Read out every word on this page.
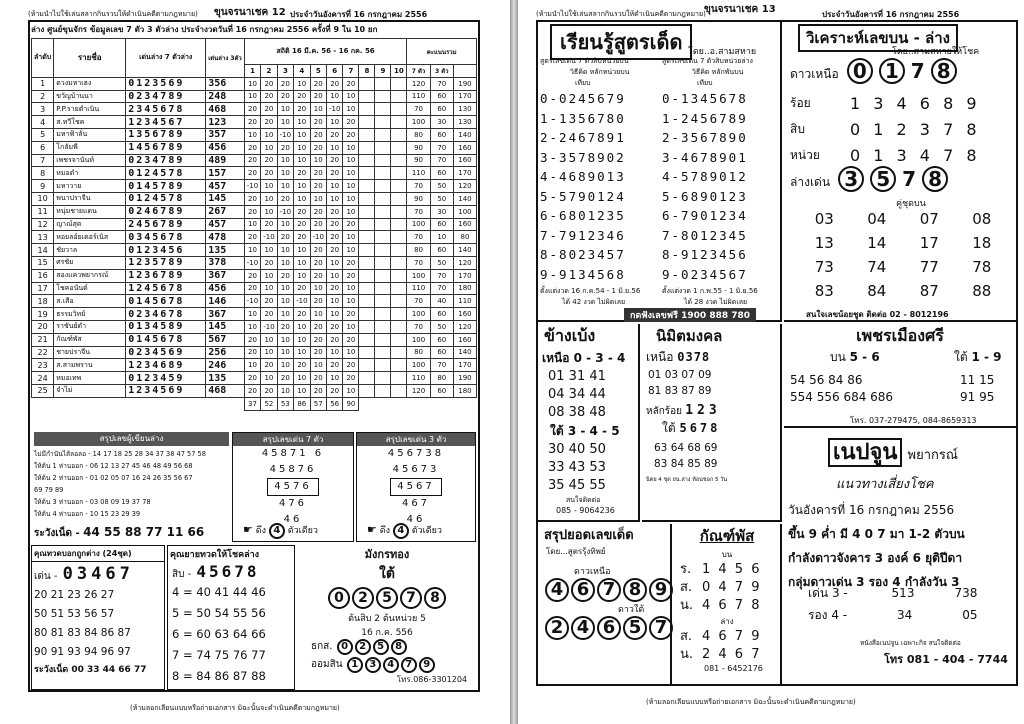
(ห้ามนำไปใช้เล่นสลากกินรวบให้ดำเนินคดีตามกฎหมาย) ขุนจรนาเชค 12 ประจำวันอังคารที่ 16 กรกฎาคม 2556
ล่าง ศูนย์ขุนจักร ข้อมูลเลข 7 ตัว 3 ตัวล่าง ประจำงวดวันที่ 16 กรกฎาคม 2556 ครั้งที่ 9 ใน 10 ยก
ลำดับ	รายชื่อ	เด่นล่าง 7 ตัวล่าง	เด่นล่าง 3ตัว	สถิติ 16 มี.ค. 56 - 16 กค. 56										คะแนนรวม		
				1	2	3	4	5	6	7	8	9	10	7 ตัว	3 ตัว	
1	ดวงมหาเฮง	0123569	356	10	20	20	10	20	20	20				120	70	190
2	ขวัญบ้านนา	0234789	248	10	20	20	20	20	10	10				110	60	170
3	P.P.รายตำเนิน	2345678	468	20	20	10	20	10	-10	10				70	60	130
4	ส.ทวีโชค	1234567	123	20	20	10	10	20	10	20				100	30	130
5	มหาฟ้าลั่น	1356789	357	10	10	-10	10	20	20	20				80	60	140
6	โกลัมพี	1456789	456	20	10	20	10	20	10	10				90	70	160
7	เพชรจานันท์	0234789	489	20	20	10	10	10	20	10				90	70	160
8	หมอดำ	0124578	157	20	20	10	20	20	20	10				110	60	170
9	มหาวาย	0145789	457	-10	10	10	10	20	10	10				70	50	120
10	พนาปราจีน	0124578	145	20	10	20	10	10	10	10				90	50	140
11	หนุ่มชายแดน	0246789	267	20	10	-10	20	20	20	10				70	30	100
12	ญาณ์สุต	2456789	457	10	20	10	20	20	20	20				100	60	160
13	หอยลอ์ยเดอร์เนิส	0345678	478	20	-10	20	20	-10	20	10				70	10	80
14	ชัยวาล	0123456	135	10	10	10	10	20	20	10				80	60	140
15	ศรชัย	1235789	378	-10	20	10	10	20	10	20				70	50	120
16	สองแควพยากรณ์	1236789	367	20	10	20	10	20	10	20				100	70	170
17	โชคอนันต์	1245678	456	20	10	10	20	10	20	10				110	70	180
18	ส.เสือ	0145678	146	-10	20	10	-10	20	10	10				70	40	110
19	ธรรมวิทย์	0234678	367	10	20	10	20	10	10	20				100	60	160
20	ราชันย์ดำ	0134589	145	10	-10	20	10	20	20	10				70	50	120
21	กัณฑ์พัส	0145678	567	20	10	10	10	20	20	20				100	60	160
22	ชายปราจีน	0234569	256	20	10	10	10	20	10	10				80	60	140
23	ส.สามพราน	1234689	246	10	20	10	20	10	20	20				100	70	170
24	หมอเทพ	0123459	135	20	10	20	10	20	10	20				110	80	190
25	จำไม่	1234569	468	20	20	10	10	20	20	10				120	60	180
				37	52	53	86	57	56	90						
สรุปเลขผู้เขียนล่าง
ไม่มีกำนันไส้ลอลอ - 14 17 18 25 28 34 37 38 47 57 58
ให้ต้น 1 ห่านออก - 06 12 13 27 45 46 48 49 56 68
ให้ต้น 2 ห่านออก - 01 02 05 07 16 24 26 35 56 67
69 79 89
ให้ต้น 3 ห่านออก - 03 08 09 19 37 78
ให้ต้น 4 ห่านออก - 10 15 23 29 39
ระวังเน็ด - 44 55 88 77 11 66
สรุปเลขเด่น 7 ตัว
45871 6
45876
4576
476
46
☛ ดึง 4 ตัวเดียว
สรุปเลขเด่น 3 ตัว
456738
45673
4567
467
46
☛ ดึง 4 ตัวเดียว
คุณทวดบอกถูกต่าง (24ชุด)
เด่น - 03467
20 21 23 26 27
50 51 53 56 57
80 81 83 84 86 87
90 91 93 94 96 97
ระวังเน็ด 00 33 44 66 77
คุณยายทวดให้โชคล่าง
สิบ - 45678
4 = 40 41 44 46
5 = 50 54 55 56
6 = 60 63 64 66
7 = 74 75 76 77
8 = 84 86 87 88
มังกรทอง
ใต้
0 2 5 7 8
ต้นสิบ 2 ต้นหน่วย 5
16 ก.ค. 556
ธกส. 0 2 5 8
ออมสิน 1 3 4 7 9
โทร.086-3301204
(ห้ามลอกเลียนแบบหรือถ่ายเอกสาร มิฉะนั้นจะดำเนินคดีตามกฎหมาย)
(ห้ามนำไปใช้เล่นสลากกินรวบให้ดำเนินคดีตามกฎหมาย)
ขุนจรนาเชค 13	ประจำวันอังคารที่ 16 กรกฎาคม 2556
เรียนรู้สูตรเด็ด โดย..อ.สามสหาย
สูตรเลขเด่น 7 ตัวสิบหน่วยบน
วิธีคิด หลักหน่วยบน
เทียบ
0-0245679
1-1356780
2-2467891
3-3578902
4-4689013
5-5790124
6-6801235
7-7912346
8-8023457
9-9134568
ตั้งแต่งวด 16 ก.ค.54 - 1 มิ.ย.56
ได้ 42 งวด ไม่ผิดเลย
สูตรเลขเด่น 7 ตัวสิบหน่วยล่าง
วิธีคิด หลักพันบน
เทียบ
0-1345678
1-2456789
2-3567890
3-4678901
4-5789012
5-6890123
6-7901234
7-8012345
8-9123456
9-0234567
ตั้งแต่งวด 1 ก.พ.55 - 1 มิ.ย.56
ได้ 28 งวด ไม่ผิดเลย
กดฟังเลขฟรี 1900 888 780
วิเคราะห์เลขบน - ล่าง
โดย..สามสหายให้โชค
ดาวเหนือ 0 1 7 8
ร้อย	1 3 4 6 8 9
สิบ	0 1 2 3 7 8
หน่วย	0 1 3 4 7 8
ล่างเด่น 3 5 7 8
คู่ชุดบน
03	04	07	08
13	14	17	18
73	74	77	78
83	84	87	88
สนใจเลขน้อยชูด ติดต่อ 02 - 8012196
ข้างเบ้ง
เหนือ 0 - 3 - 4
01 31 41
04 34 44
08 38 48
ใต้ 3 - 4 - 5
30 40 50
33 43 53
35 45 55
สนใจติดต่อ
085 - 9064236
นิมิตมงคล
เหนือ 0378
01 03 07 09
81 83 87 89
หลักร้อย 123
ใต้ 5678
63 64 68 69
83 84 85 89
นิตย 4 ชุด ยน.ล่าง ท้อนชอก 5 วัน
เพชรเมืองศรี
บน 5 - 6	ใต้ 1 - 9
54 56 84 86
554 556 684 686
11 15
91 95
โทร. 037-279475, 084-8659313
เนปจูน พยากรณ์
แนวทางเสี่ยงโชค
วันอังคารที่ 16 กรกฎาคม 2556
ขึ้น 9 ค่ำ มี 4 0 7 มา 1-2 ตัวบน
กำลังดาวจังคาร 3 องค์ 6 ยุติปีดา
กลุ่มดาวเด่น 3 รอง 4 กำลังวัน 3
เด่น 3 -	513	738
รอง 4 -	34	05
หนังสือเนปจูน เฉพาะกิจ สนใจติดต่อ
โทร 081 - 404 - 7744
สรุปยอดเลขเด็ด
โดย...สูตรรุ้งทิพย์
ดาวเหนือ
4 6 7 8 9
ดาวใต้
2 4 6 5 7
กัณฑ์พัส
บน
ร. 1 4 5 6
ส. 0 4 7 9
น. 4 6 7 8
ล่าง
ส. 4 6 7 9
น. 2 4 6 7
081 - 6452176
(ห้ามลอกเลียนแบบหรือถ่ายเอกสาร มิฉะนั้นจะดำเนินคดีตามกฎหมาย)
